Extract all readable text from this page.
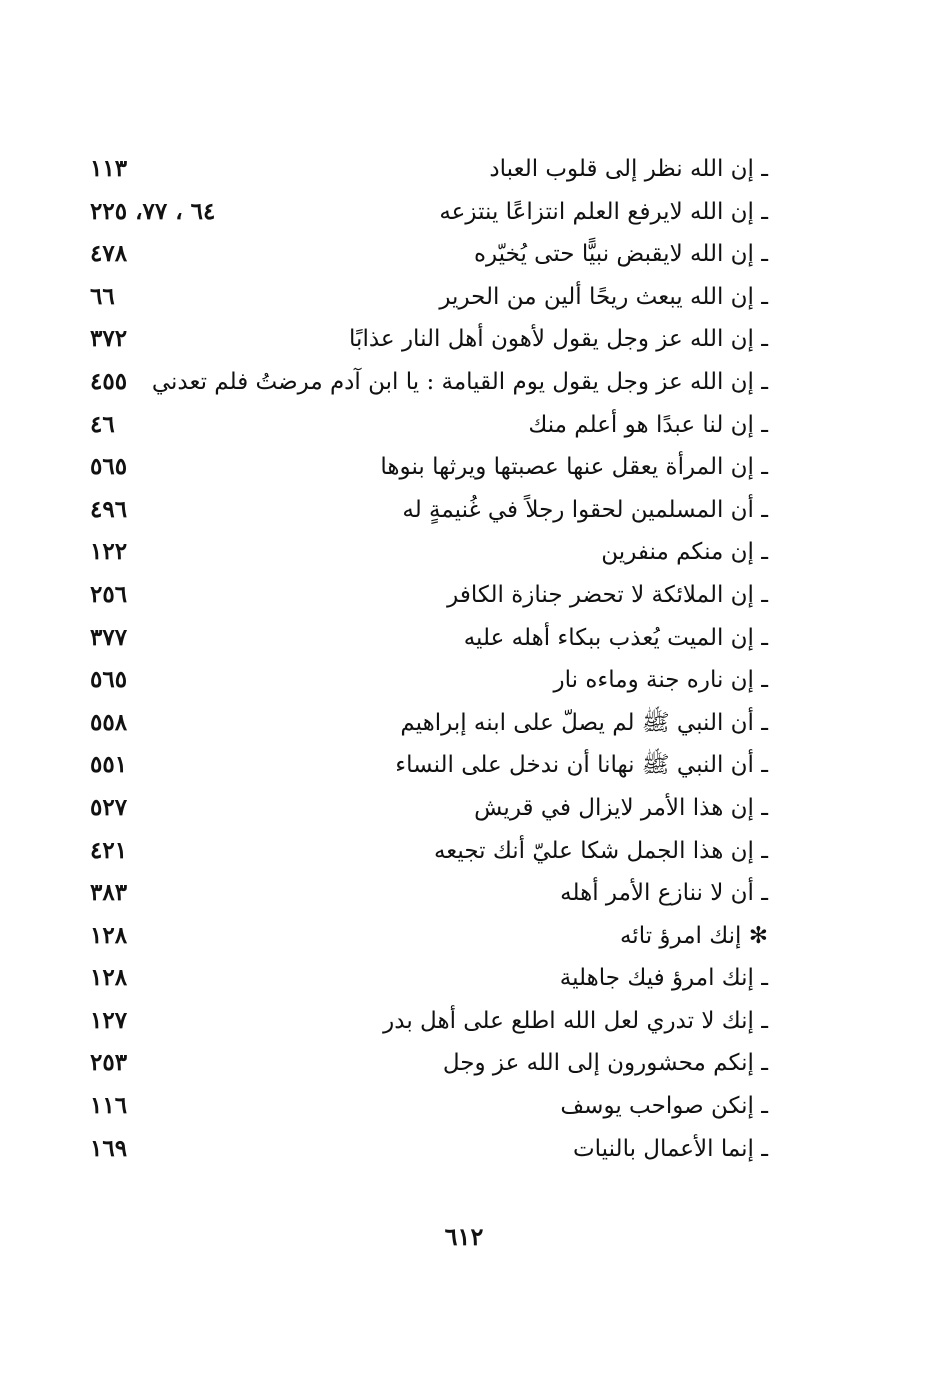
ـ إن الله نظر إلى قلوب العباد
١١٣
ـ إن الله لايرفع العلم انتزاعًا ينتزعه
٦٤ ، ٧٧، ٢٢٥
ـ إن الله لايقبض نبيًّا حتى يُخيّره
٤٧٨
ـ إن الله يبعث ريحًا ألين من الحرير
٦٦
ـ إن الله عز وجل يقول لأهون أهل النار عذابًا
٣٧٢
ـ إن الله عز وجل يقول يوم القيامة : يا ابن آدم مرضتُ فلم تعدني
٤٥٥
ـ إن لنا عبدًا هو أعلم منك
٤٦
ـ إن المرأة يعقل عنها عصبتها ويرثها بنوها
٥٦٥
ـ أن المسلمين لحقوا رجلاً في غُنيمةٍ له
٤٩٦
ـ إن منكم منفرين
١٢٢
ـ إن الملائكة لا تحضر جنازة الكافر
٢٥٦
ـ إن الميت يُعذب ببكاء أهله عليه
٣٧٧
ـ إن ناره جنة وماءه نار
٥٦٥
ـ أن النبي ﷺ لم يصلّ على ابنه إبراهيم
٥٥٨
ـ أن النبي ﷺ نهانا أن ندخل على النساء
٥٥١
ـ إن هذا الأمر لايزال في قريش
٥٢٧
ـ إن هذا الجمل شكا عليّ أنك تجيعه
٤٢١
ـ أن لا ننازع الأمر أهله
٣٨٣
✻ إنك امرؤ تائه
١٢٨
ـ إنك امرؤ فيك جاهلية
١٢٨
ـ إنك لا تدري لعل الله اطلع على أهل بدر
١٢٧
ـ إنكم محشورون إلى الله عز وجل
٢٥٣
ـ إنكن صواحب يوسف
١١٦
ـ إنما الأعمال بالنيات
١٦٩
٦١٢
